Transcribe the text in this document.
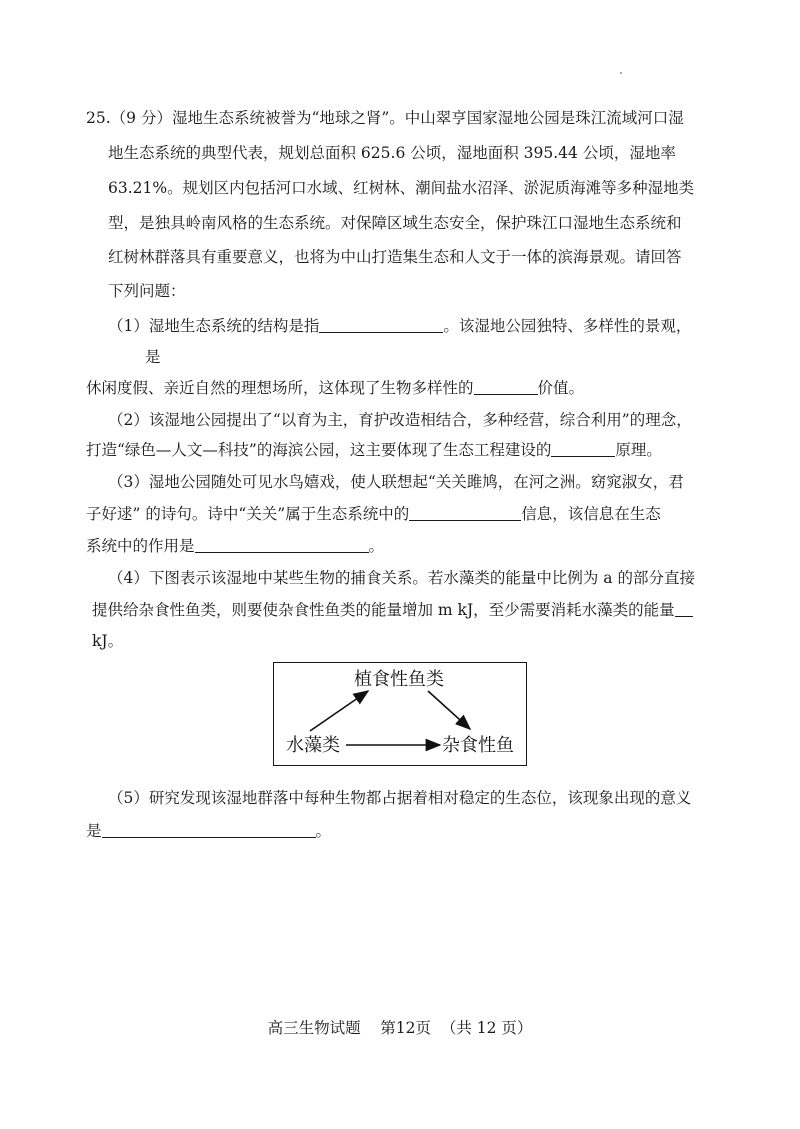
25.（9 分）湿地生态系统被誉为“地球之肾”。中山翠亨国家湿地公园是珠江流域河口湿
地生态系统的典型代表，规划总面积 625.6 公顷，湿地面积 395.44 公顷，湿地率
63.21%。规划区内包括河口水域、红树林、潮间盐水沼泽、淤泥质海滩等多种湿地类
型，是独具岭南风格的生态系统。对保障区域生态安全，保护珠江口湿地生态系统和
红树林群落具有重要意义，也将为中山打造集生态和人文于一体的滨海景观。请回答
下列问题：
（1）湿地生态系统的结构是指	。该湿地公园独特、多样性的景观，
是
休闲度假、亲近自然的理想场所，这体现了生物多样性的	价值。
（2）该湿地公园提出了“以育为主，育护改造相结合，多种经营，综合利用”的理念，
打造“绿色—人文—科技”的海滨公园，这主要体现了生态工程建设的	原理。
（3）湿地公园随处可见水鸟嬉戏，使人联想起“关关雎鸠，在河之洲。窈窕淑女，君
子好逑” 的诗句。诗中“关关”属于生态系统中的	信息，该信息在生态
系统中的作用是	。
（4）下图表示该湿地中某些生物的捕食关系。若水藻类的能量中比例为 a 的部分直接
提供给杂食性鱼类，则要使杂食性鱼类的能量增加 m kJ，至少需要消耗水藻类的能量
kJ。
植食性鱼类
水藻类	杂食性鱼
（5）研究发现该湿地群落中每种生物都占据着相对稳定的生态位，该现象出现的意义
是	。
高三生物试题    第12页  （共 12 页）
